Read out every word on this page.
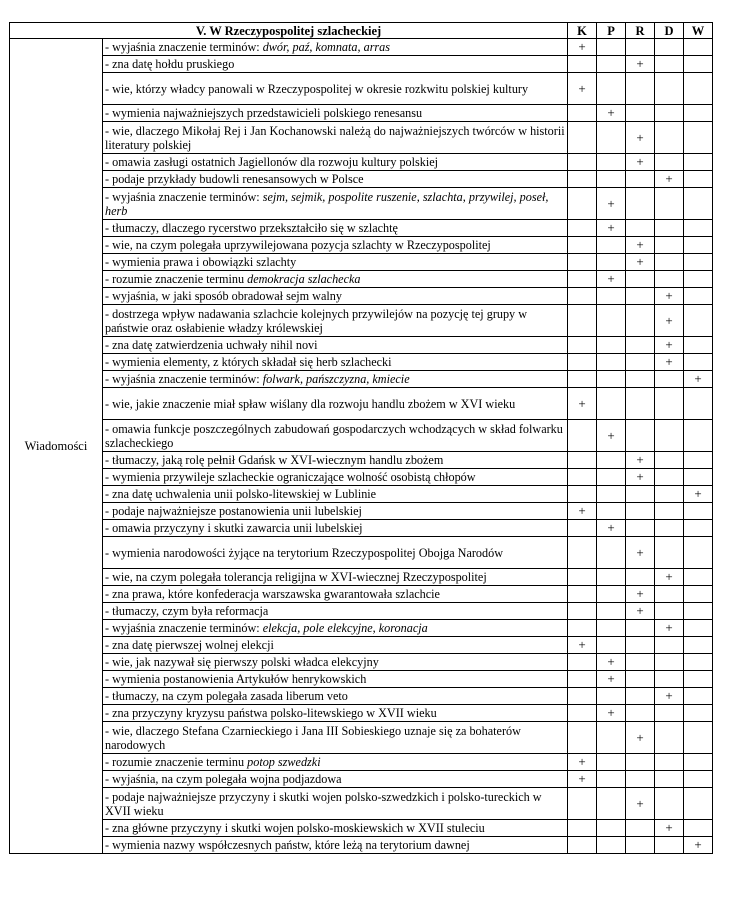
V. W Rzeczypospolitej szlacheckiej		K	P	R	D	W
Wiadomości	- wyjaśnia znaczenie terminów: dwór, paź, komnata, arras	+				
	- zna datę hołdu pruskiego			+		
	- wie, którzy władcy panowali w Rzeczypospolitej w okresie rozkwitu polskiej kultury	+				
	- wymienia najważniejszych przedstawicieli polskiego renesansu		+			
	- wie, dlaczego Mikołaj Rej i Jan Kochanowski należą do najważniejszych twórców w historii literatury polskiej			+		
	- omawia zasługi ostatnich Jagiellonów dla rozwoju kultury polskiej			+		
	- podaje przykłady budowli renesansowych w Polsce				+	
	- wyjaśnia znaczenie terminów: sejm, sejmik, pospolite ruszenie, szlachta, przywilej, poseł, herb		+			
	- tłumaczy, dlaczego rycerstwo przekształciło się w szlachtę		+			
	- wie, na czym polegała uprzywilejowana pozycja szlachty w Rzeczypospolitej			+		
	- wymienia prawa i obowiązki szlachty			+		
	- rozumie znaczenie terminu demokracja szlachecka		+			
	- wyjaśnia, w jaki sposób obradował sejm walny				+	
	- dostrzega wpływ nadawania szlachcie kolejnych przywilejów na pozycję tej grupy w państwie oraz osłabienie władzy królewskiej				+	
	- zna datę zatwierdzenia uchwały nihil novi				+	
	- wymienia elementy, z których składał się herb szlachecki				+	
	- wyjaśnia znaczenie terminów: folwark, pańszczyzna, kmiecie					+
	- wie, jakie znaczenie miał spław wiślany dla rozwoju handlu zbożem w XVI wieku	+				
	- omawia funkcje poszczególnych zabudowań gospodarczych wchodzących w skład folwarku szlacheckiego		+			
	- tłumaczy, jaką rolę pełnił Gdańsk w XVI-wiecznym handlu zbożem			+		
	- wymienia przywileje szlacheckie ograniczające wolność osobistą chłopów			+		
	- zna datę uchwalenia unii polsko-litewskiej w Lublinie					+
	- podaje najważniejsze postanowienia unii lubelskiej	+				
	- omawia przyczyny i skutki zawarcia unii lubelskiej		+			
	- wymienia narodowości żyjące na terytorium Rzeczypospolitej Obojga Narodów			+		
	- wie, na czym polegała tolerancja religijna w XVI-wiecznej Rzeczypospolitej				+	
	- zna prawa, które konfederacja warszawska gwarantowała szlachcie			+		
	- tłumaczy, czym była reformacja			+		
	- wyjaśnia znaczenie terminów: elekcja, pole elekcyjne, koronacja				+	
	- zna datę pierwszej wolnej elekcji	+				
	- wie, jak nazywał się pierwszy polski władca elekcyjny		+			
	- wymienia postanowienia Artykułów henrykowskich		+			
	- tłumaczy, na czym polegała zasada liberum veto				+	
	- zna przyczyny kryzysu państwa polsko-litewskiego w XVII wieku		+			
	- wie, dlaczego Stefana Czarnieckiego i Jana III Sobieskiego uznaje się za bohaterów narodowych			+		
	- rozumie znaczenie terminu potop szwedzki	+				
	- wyjaśnia, na czym polegała wojna podjazdowa	+				
	- podaje najważniejsze przyczyny i skutki wojen polsko-szwedzkich i polsko-tureckich w XVII wieku			+		
	- zna główne przyczyny i skutki wojen polsko-moskiewskich w XVII stuleciu				+	
	- wymienia nazwy współczesnych państw, które leżą na terytorium dawnej					+
